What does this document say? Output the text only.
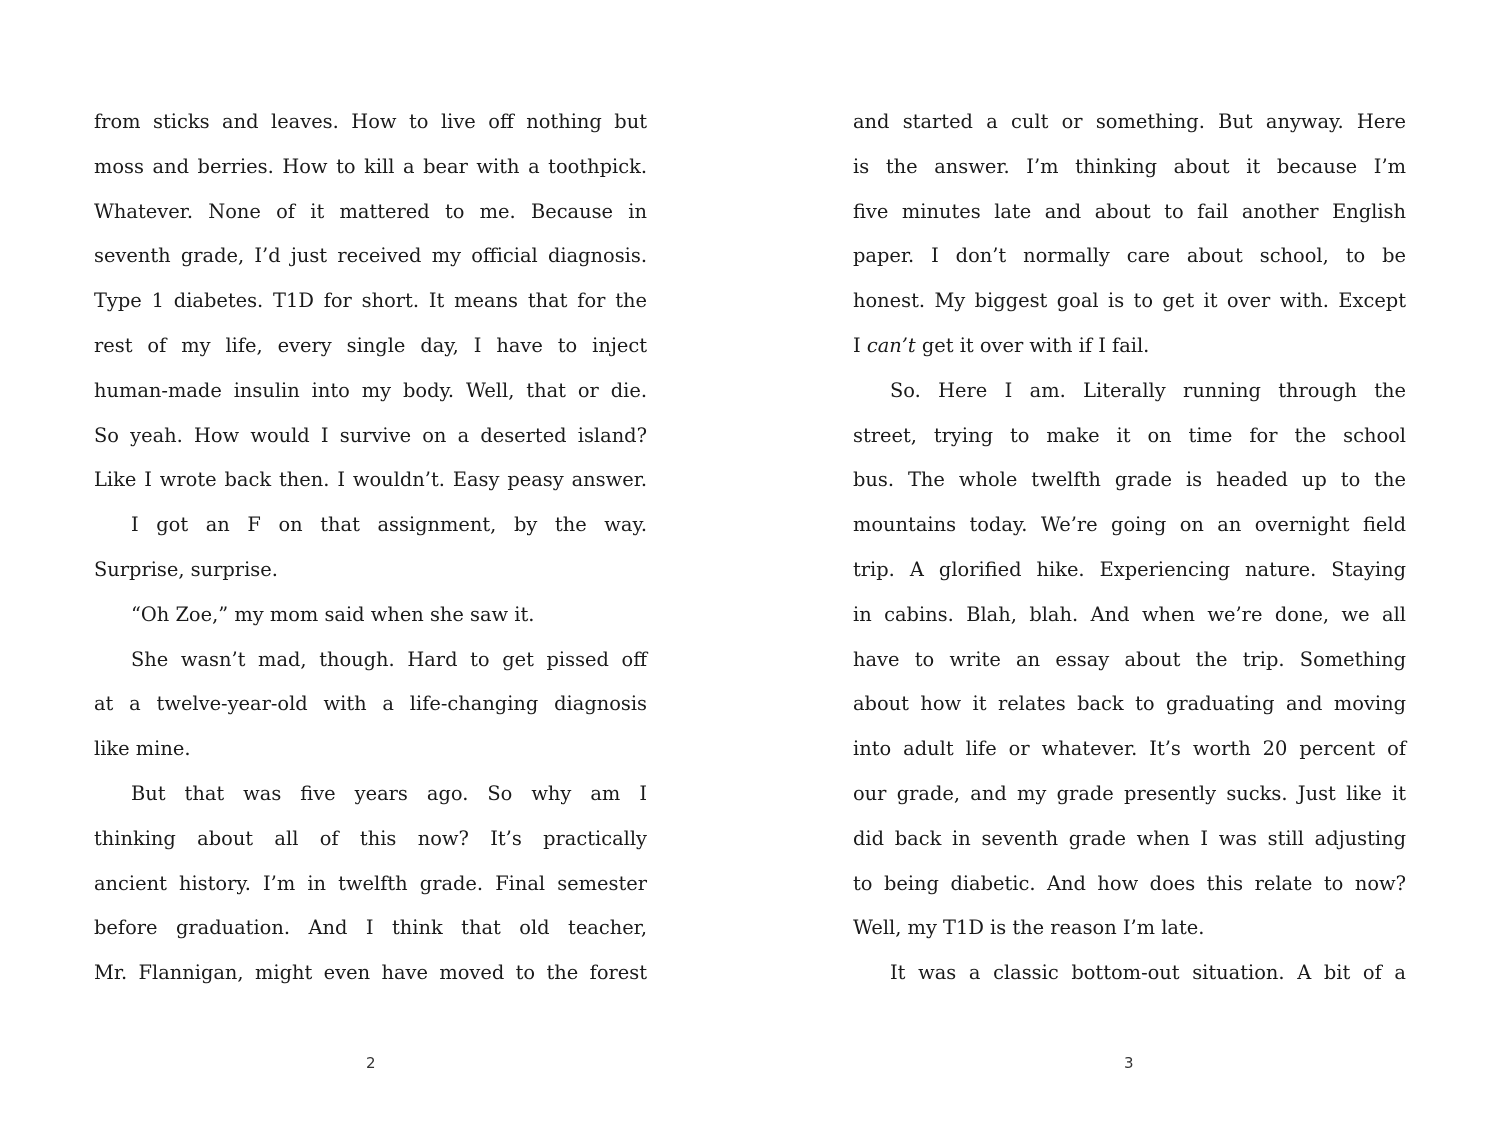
from sticks and leaves. How to live off nothing but
moss and berries. How to kill a bear with a toothpick.
Whatever. None of it mattered to me. Because in
seventh grade, I’d just received my official diagnosis.
Type 1 diabetes. T1D for short. It means that for the
rest of my life, every single day, I have to inject
human-made insulin into my body. Well, that or die.
So yeah. How would I survive on a deserted island?
Like I wrote back then. I wouldn’t. Easy peasy answer.
I got an F on that assignment, by the way.
Surprise, surprise.
“Oh Zoe,” my mom said when she saw it.
She wasn’t mad, though. Hard to get pissed off
at a twelve-year-old with a life-changing diagnosis
like mine.
But that was five years ago. So why am I
thinking about all of this now? It’s practically
ancient history. I’m in twelfth grade. Final semester
before graduation. And I think that old teacher,
Mr. Flannigan, might even have moved to the forest
2
and started a cult or something. But anyway. Here
is the answer. I’m thinking about it because I’m
five minutes late and about to fail another English
paper. I don’t normally care about school, to be
honest. My biggest goal is to get it over with. Except
I can’t get it over with if I fail.
So. Here I am. Literally running through the
street, trying to make it on time for the school
bus. The whole twelfth grade is headed up to the
mountains today. We’re going on an overnight field
trip. A glorified hike. Experiencing nature. Staying
in cabins. Blah, blah. And when we’re done, we all
have to write an essay about the trip. Something
about how it relates back to graduating and moving
into adult life or whatever. It’s worth 20 percent of
our grade, and my grade presently sucks. Just like it
did back in seventh grade when I was still adjusting
to being diabetic. And how does this relate to now?
Well, my T1D is the reason I’m late.
It was a classic bottom-out situation. A bit of a
3
